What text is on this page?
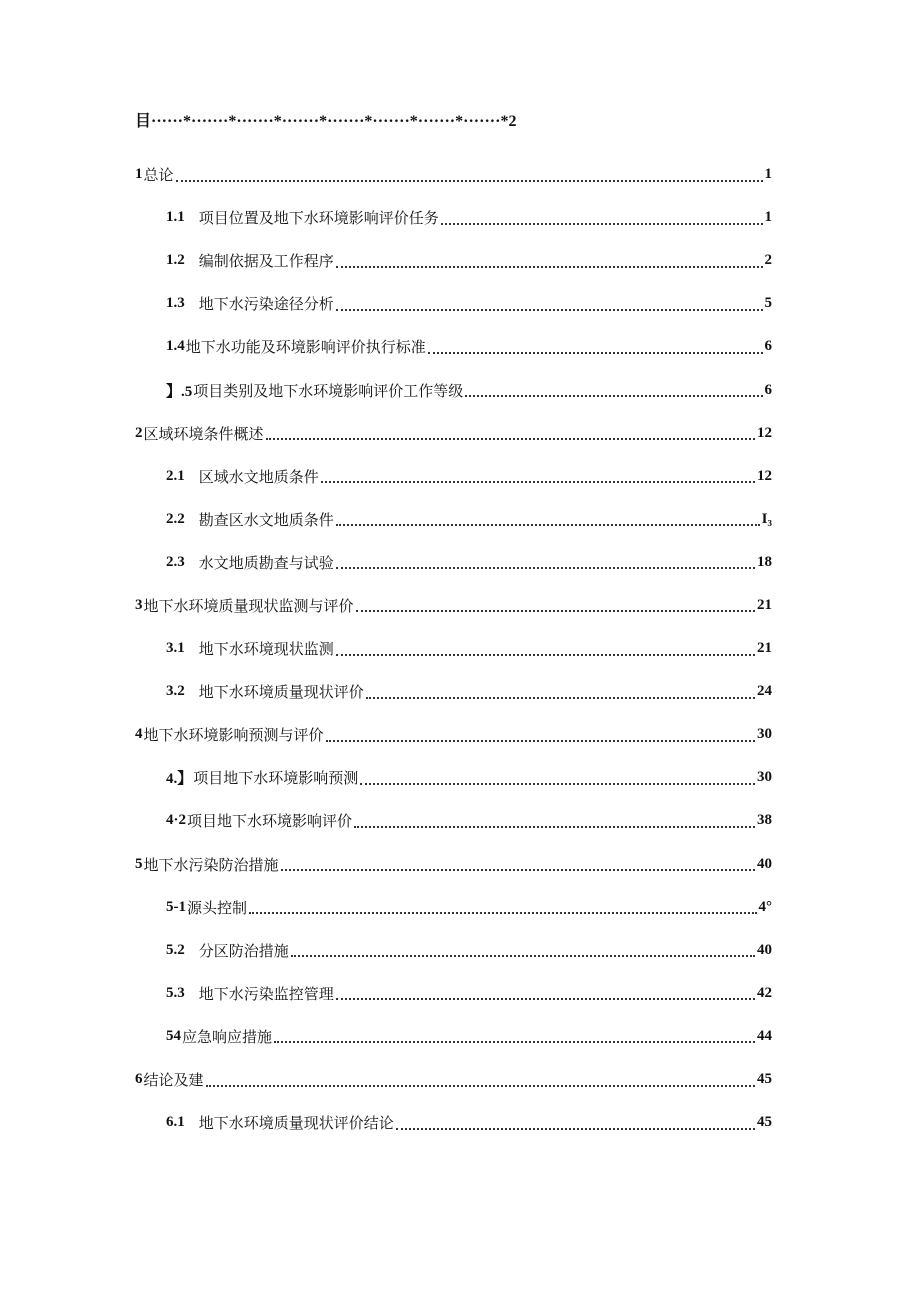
目······*·······*·······*·······*·······*·······*·······*·······*2
1 总论	1
1.1 项目位置及地下水环境影响评价任务	1
1.2 编制依据及工作程序	2
1.3 地下水污染途径分析	5
1.4 地下水功能及环境影响评价执行标准	6
】.5 项目类别及地下水环境影响评价工作等级	6
2 区域环境条件概述	12
2.1 区域水文地质条件	12
2.2 勘查区水文地质条件	I₃
2.3 水文地质勘查与试验	18
3 地下水环境质量现状监测与评价	21
3.1 地下水环境现状监测	21
3.2 地下水环境质量现状评价	24
4 地下水环境影响预测与评价	30
4.】 项目地下水环境影响预测	30
4·2 项目地下水环境影响评价	38
5 地下水污染防治措施	40
5-1 源头控制	4°
5.2 分区防治措施	40
5.3 地下水污染监控管理	42
54 应急响应措施	44
6 结论及建	45
6.1 地下水环境质量现状评价结论	45
